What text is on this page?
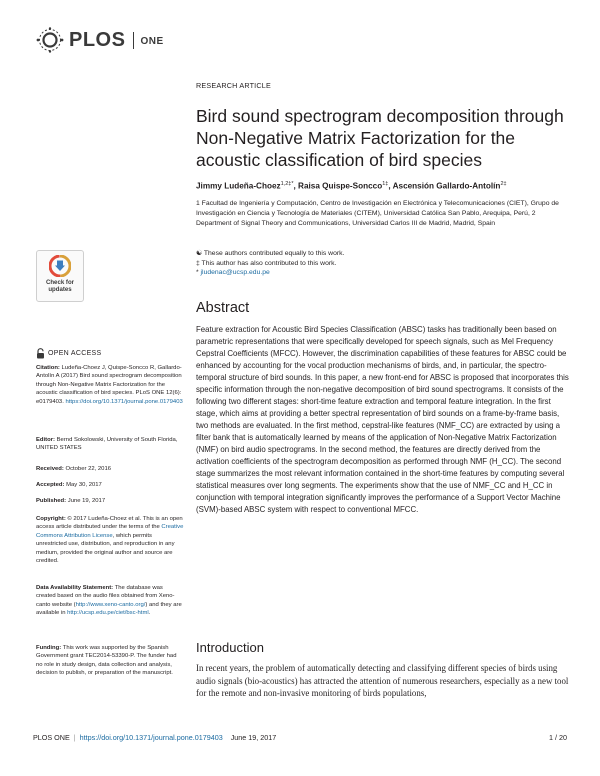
PLOS ONE
RESEARCH ARTICLE
Bird sound spectrogram decomposition through Non-Negative Matrix Factorization for the acoustic classification of bird species
Jimmy Ludeña-Choez$^{1,2\ddagger*}$, Raisa Quispe-Soncco$^{1\ddagger}$, Ascensión Gallardo-Antolín$^{2\ddagger}$
1 Facultad de Ingeniería y Computación, Centro de Investigación en Electrónica y Telecomunicaciones (CIET), Grupo de Investigación en Ciencia y Tecnología de Materiales (CITEM), Universidad Católica San Pablo, Arequipa, Perú, 2 Department of Signal Theory and Communications, Universidad Carlos III de Madrid, Madrid, Spain
☯ These authors contributed equally to this work.
‡ This author has also contributed to this work.
* jludenac@ucsp.edu.pe
Abstract
Feature extraction for Acoustic Bird Species Classification (ABSC) tasks has traditionally been based on parametric representations that were specifically developed for speech signals, such as Mel Frequency Cepstral Coefficients (MFCC). However, the discrimination capabilities of these features for ABSC could be enhanced by accounting for the vocal production mechanisms of birds, and, in particular, the spectro-temporal structure of bird sounds. In this paper, a new front-end for ABSC is proposed that incorporates this specific information through the non-negative decomposition of bird sound spectrograms. It consists of the following two different stages: short-time feature extraction and temporal feature integration. In the first stage, which aims at providing a better spectral representation of bird sounds on a frame-by-frame basis, two methods are evaluated. In the first method, cepstral-like features (NMF_CC) are extracted by using a filter bank that is automatically learned by means of the application of Non-Negative Matrix Factorization (NMF) on bird audio spectrograms. In the second method, the features are directly derived from the activation coefficients of the spectrogram decomposition as performed through NMF (H_CC). The second stage summarizes the most relevant information contained in the short-time features by computing several statistical measures over long segments. The experiments show that the use of NMF_CC and H_CC in conjunction with temporal integration significantly improves the performance of a Support Vector Machine (SVM)-based ABSC system with respect to conventional MFCC.
Introduction
In recent years, the problem of automatically detecting and classifying different species of birds using audio signals (bio-acoustics) has attracted the attention of numerous researchers, especially as a new tool for the remote and non-invasive monitoring of birds populations,
Check for
updates
OPEN ACCESS
Citation: Ludeña-Choez J, Quispe-Soncco R, Gallardo-Antolín A (2017) Bird sound spectrogram decomposition through Non-Negative Matrix Factorization for the acoustic classification of bird species. PLoS ONE 12(6): e0179403. https://doi.org/10.1371/journal.pone.0179403
Editor: Bernd Sokolowski, University of South Florida, UNITED STATES
Received: October 22, 2016
Accepted: May 30, 2017
Published: June 19, 2017
Copyright: © 2017 Ludeña-Choez et al. This is an open access article distributed under the terms of the Creative Commons Attribution License, which permits unrestricted use, distribution, and reproduction in any medium, provided the original author and source are credited.
Data Availability Statement: The database was created based on the audio files obtained from Xeno-canto website (http://www.xeno-canto.org/) and they are available in http://ucsp.edu.pe/ciet/bsc-html.
Funding: This work was supported by the Spanish Government grant TEC2014-53390-P. The funder had no role in study design, data collection and analysis, decision to publish, or preparation of the manuscript.
PLOS ONE | https://doi.org/10.1371/journal.pone.0179403 June 19, 2017	1 / 20
